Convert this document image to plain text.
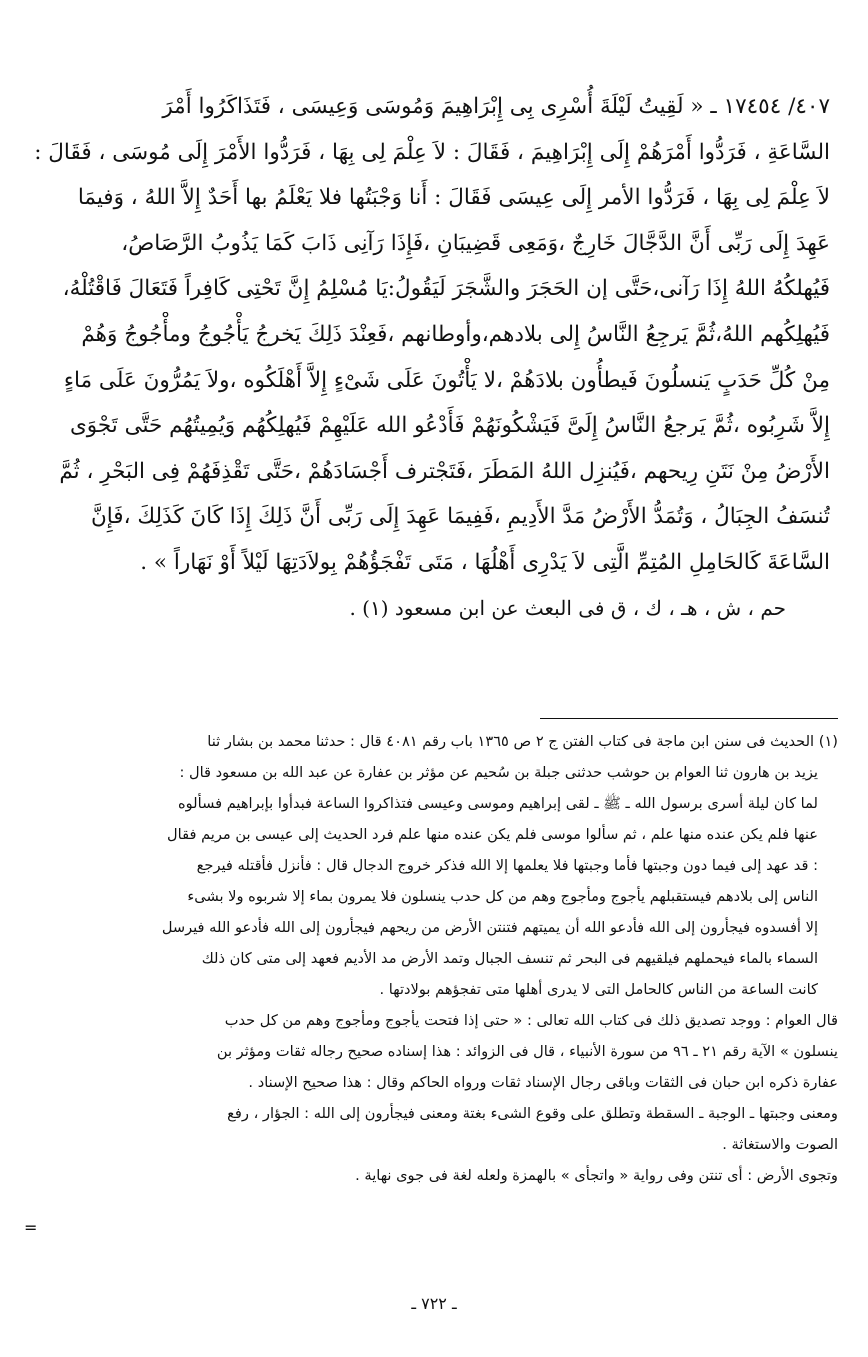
٤٠٧/ ١٧٤٥٤ ـ « لَقِيتُ لَيْلَةَ أُسْرِى بِى إِبْرَاهِيمَ وَمُوسَى وَعِيسَى ، فَتَذَاكَرُوا أَمْرَ
السَّاعَةِ ، فَرَدُّوا أَمْرَهُمْ إِلَى إِبْرَاهِيمَ ، فَقَالَ : لاَ عِلْمَ لِى بِهَا ، فَرَدُّوا الأَمْرَ إِلَى مُوسَى ، فَقَالَ :
لاَ عِلْمَ لِى بِهَا ، فَرَدُّوا الأمر إِلَى عِيسَى فَقَالَ : أَنا وَجْبَتُها فلا يَعْلَمُ بها أَحَدٌ إِلاَّ اللهُ ، وَفيمَا
عَهِدَ إِلَى رَبِّى أَنَّ الدَّجَّالَ خَارِجٌ ،وَمَعِى قَضِيبَانِ ،فَإِذَا رَآنِى ذَابَ كَمَا يَذُوبُ الرَّصَاصُ،
فَيُهلكُهُ اللهُ إِذَا رَآنى،حَتَّى إن الحَجَرَ والشَّجَرَ لَيَقُولُ:يَا مُسْلِمُ إِنَّ تَحْتِى كَافِراً فَتَعَالَ فَاقْتُلْهُ،
فَيُهلِكُهم اللهُ،ثُمَّ يَرجِعُ النَّاسُ إِلى بلادهم،وأوطانهم ،فَعِنْدَ ذَلِكَ يَخرجُ يَأْجُوجُ ومأْجُوجُ وَهُمْ
مِنْ كُلِّ حَدَبٍ يَنسلُونَ فَيطأُون بلادَهُمْ ،لا يَأْتُونَ عَلَى شَىْءٍ إِلاَّ أَهْلَكُوه ،ولاَ يَمُرُّونَ عَلَى مَاءٍ
إِلاَّ شَرِبُوه ،ثُمَّ يَرجعُ النَّاسُ إِلَىَّ فَيَشْكُونَهُمْ فَأَدْعُو الله عَلَيْهِمْ فَيُهلِكُهُم وَيُمِيتُهُم حَتَّى تَجْوَى
الأَرْضُ مِنْ نَتَنِ رِيحهم ،فَيُنزِل اللهُ المَطَرَ ،فَتَجْترف أَجْسَادَهُمْ ،حَتَّى تَقْذِفَهُمْ فِى البَحْرِ ، ثُمَّ
تُنسَفُ الجِبَالُ ، وَتُمَدُّ الأَرْضُ مَدَّ الأَدِيمِ ،فَفِيمَا عَهِدَ إِلَى رَبِّى أَنَّ ذَلِكَ إِذَا كَانَ كَذَلِكَ ،فَإِنَّ
السَّاعَةَ كَالحَامِلِ المُتِمِّ الَّتِى لاَ يَدْرِى أَهْلُهَا ، مَتَى تَفْجَؤُهُمْ بِولاَدَتِهَا لَيْلاً أَوْ نَهَاراً » .
حم ، ش ، هـ ، ك ، ق فى البعث عن ابن مسعود (١) .
(١) الحديث فى سنن ابن ماجة فى كتاب الفتن ج ٢ ص ١٣٦٥ باب رقم ٤٠٨١ قال : حدثنا محمد بن بشار ثنا
يزيد بن هارون ثنا العوام بن حوشب حدثنى جبلة بن سُحيم عن مؤثر بن عفارة عن عبد الله بن مسعود قال :
لما كان ليلة أسرى برسول الله ـ ﷺ ـ لقى إبراهيم وموسى وعيسى فتذاكروا الساعة فبدأوا بإبراهيم فسألوه
عنها فلم يكن عنده منها علم ، ثم سألوا موسى فلم يكن عنده منها علم فرد الحديث إلى عيسى بن مريم فقال
: قد عهد إلى فيما دون وجبتها فأما وجبتها فلا يعلمها إلا الله فذكر خروج الدجال قال : فأنزل فأقتله فيرجع
الناس إلى بلادهم فيستقبلهم يأجوج ومأجوج وهم من كل حدب ينسلون فلا يمرون بماء إلا شربوه ولا بشىء
إلا أفسدوه فيجأرون إلى الله فأدعو الله أن يميتهم فتنتن الأرض من ريحهم فيجأرون إلى الله فأدعو الله فيرسل
السماء بالماء فيحملهم فيلقيهم فى البحر ثم تنسف الجبال وتمد الأرض مد الأديم فعهد إلى متى كان ذلك
كانت الساعة من الناس كالحامل التى لا يدرى أهلها متى تفجؤهم بولادتها .
قال العوام : ووجد تصديق ذلك فى كتاب الله تعالى : « حتى إذا فتحت يأجوج ومأجوج وهم من كل حدب
ينسلون » الآية رقم ٢١ ـ ٩٦ من سورة الأنبياء ، قال فى الزوائد : هذا إسناده صحيح رجاله ثقات ومؤثر بن
عفارة ذكره ابن حبان فى الثقات وباقى رجال الإسناد ثقات ورواه الحاكم وقال : هذا صحيح الإسناد .
ومعنى وجبتها ـ الوجبة ـ السقطة وتطلق على وقوع الشىء بغتة ومعنى فيجأرون إلى الله : الجؤار ، رفع
الصوت والاستغاثة .
وتجوى الأرض : أى تنتن وفى رواية « واتجأى » بالهمزة ولعله لغة فى جوى نهاية .
=
ـ ٧٢٢ ـ
